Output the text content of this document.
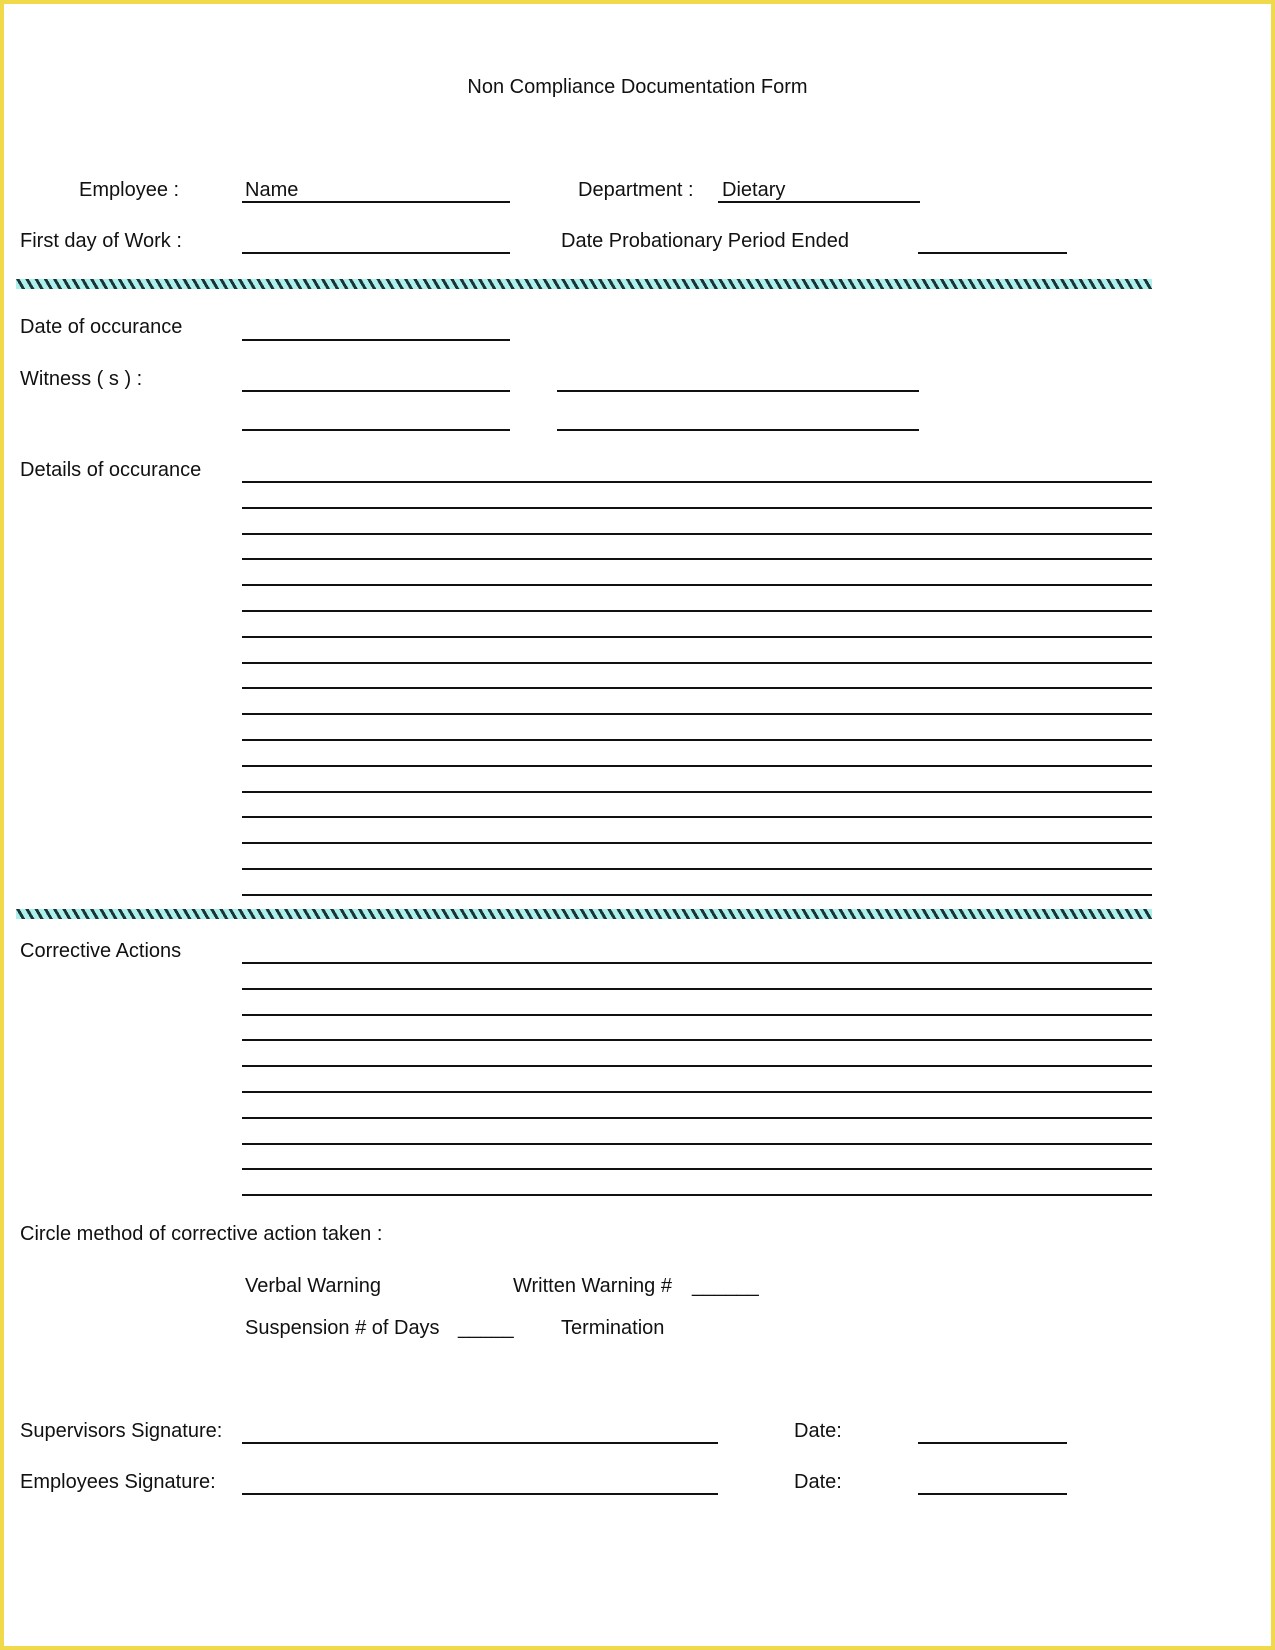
Non Compliance Documentation Form
Employee :	Name	Department : Dietary
First day of Work :	Date Probationary Period Ended
Date of occurance
Witness ( s ) :
Details of occurance
Corrective Actions
Circle method of corrective action taken :
Verbal Warning	Written Warning # ______
Suspension # of Days _____ Termination
Supervisors Signature:	Date:
Employees Signature:	Date:
